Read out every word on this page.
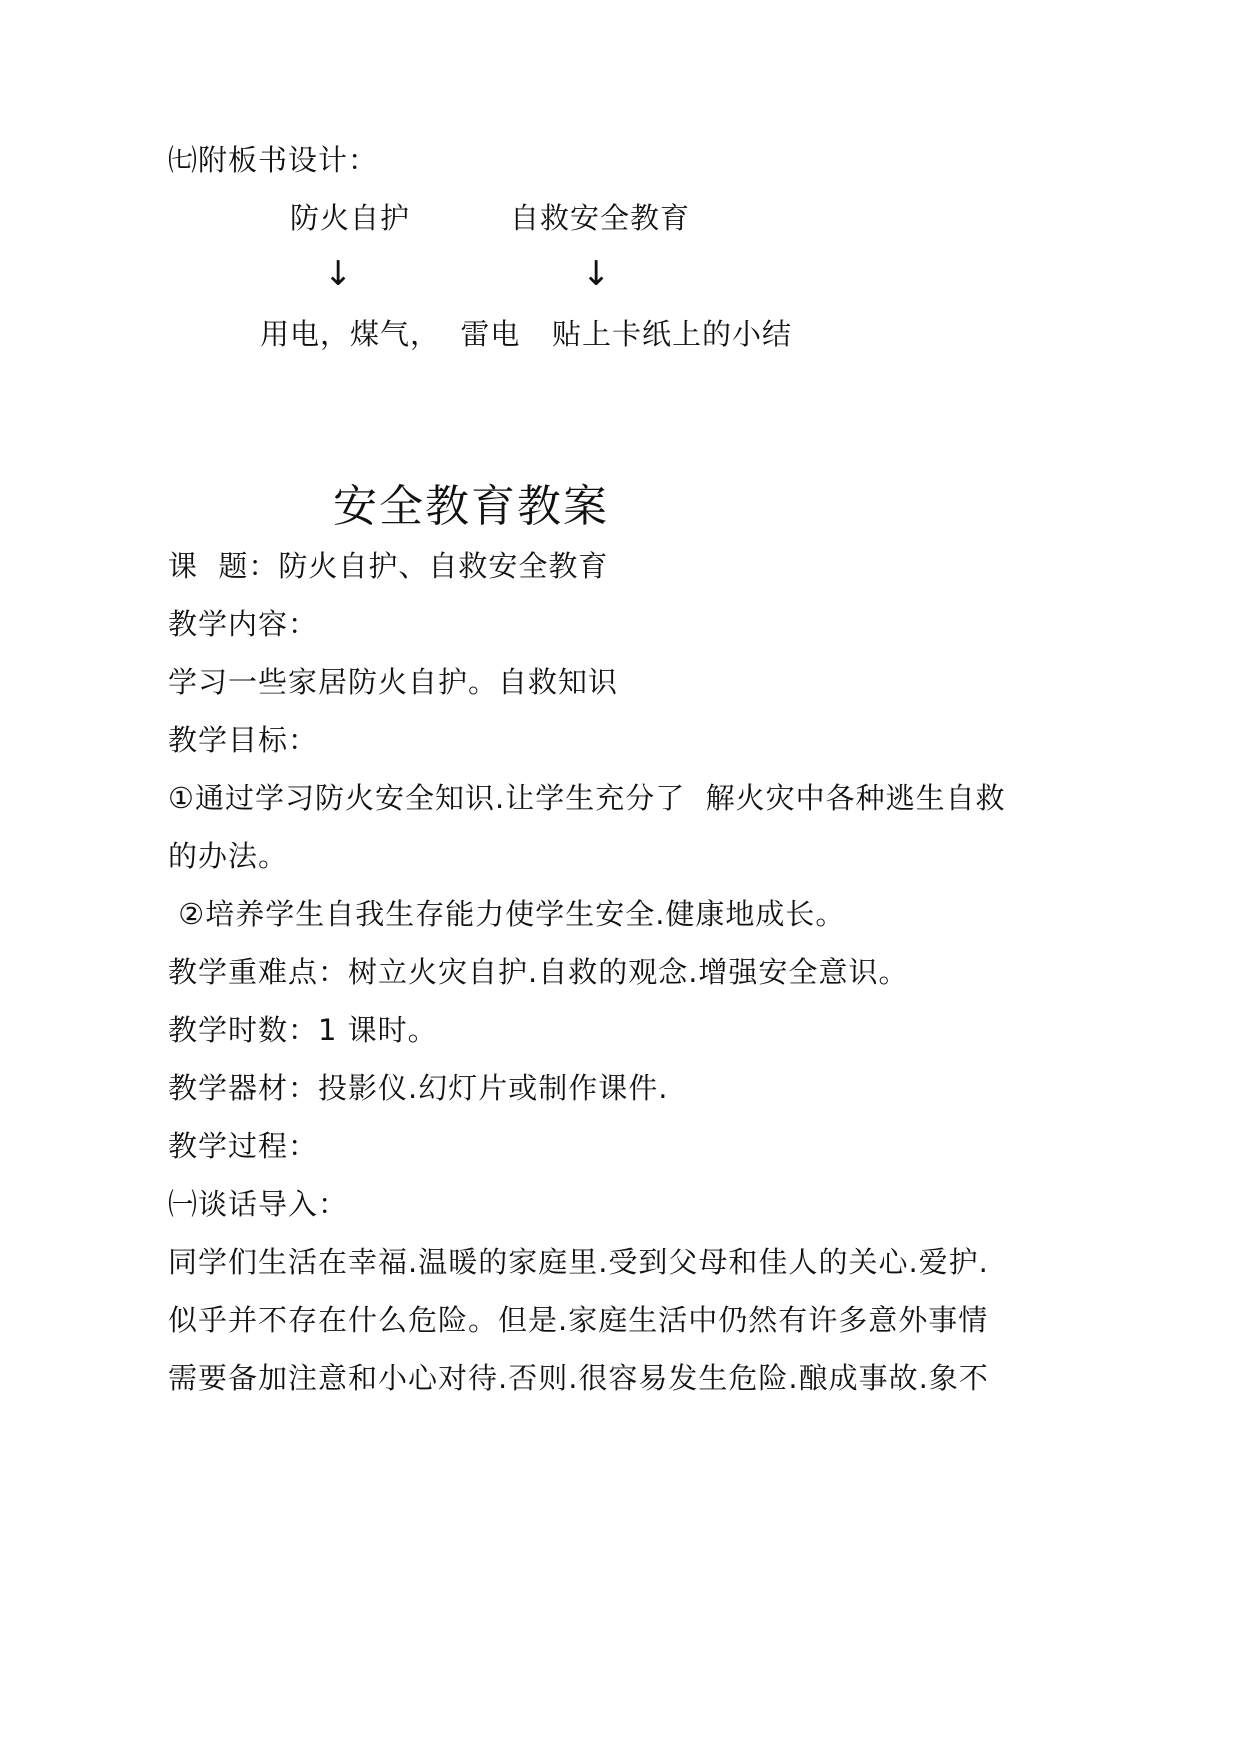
㈦附板书设计：
防火自护	自救安全教育
↓	↓
用电，煤气，  雷电 贴上卡纸上的小结
安全教育教案
课  题：防火自护、自救安全教育
教学内容：
学习一些家居防火自护。自救知识
教学目标：
①通过学习防火安全知识.让学生充分了  解火灾中各种逃生自救
的办法。
②培养学生自我生存能力使学生安全.健康地成长。
教学重难点：树立火灾自护.自救的观念.增强安全意识。
教学时数：1 课时。
教学器材：投影仪.幻灯片或制作课件.
教学过程：
㈠谈话导入：
同学们生活在幸福.温暖的家庭里.受到父母和佳人的关心.爱护.
似乎并不存在什么危险。但是.家庭生活中仍然有许多意外事情
需要备加注意和小心对待.否则.很容易发生危险.酿成事故.象不
